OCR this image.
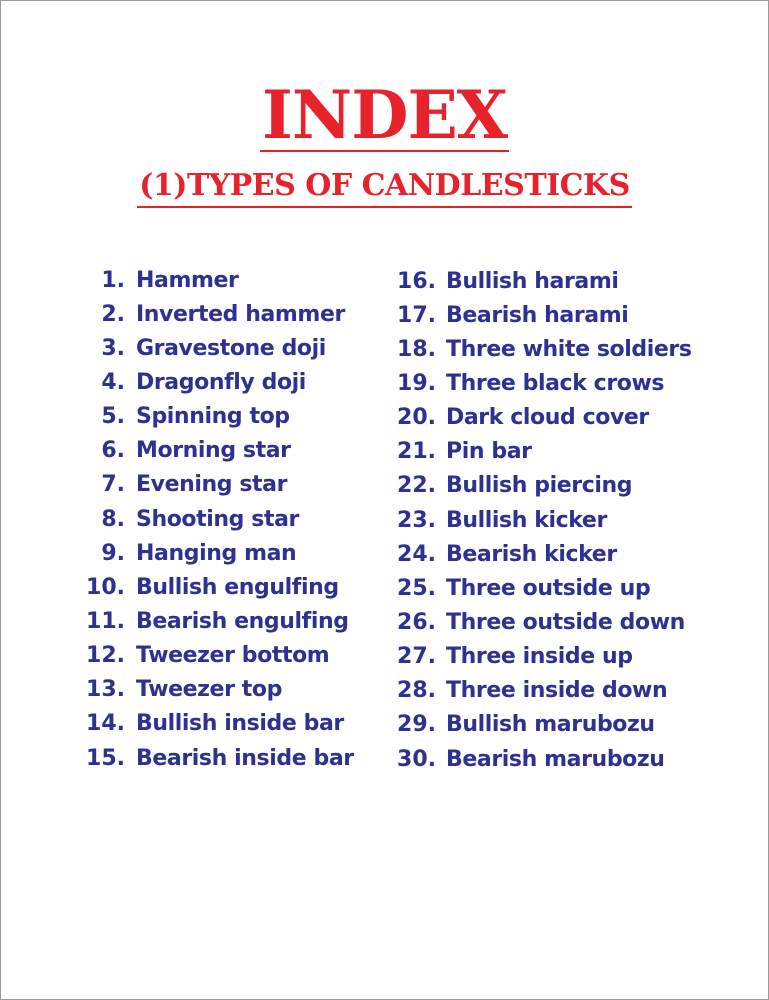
INDEX
(1)TYPES OF CANDLESTICKS
1. Hammer
2. Inverted hammer
3. Gravestone doji
4. Dragonfly doji
5. Spinning top
6. Morning star
7. Evening star
8. Shooting star
9. Hanging man
10. Bullish engulfing
11. Bearish engulfing
12. Tweezer bottom
13. Tweezer top
14. Bullish inside bar
15. Bearish inside bar
16. Bullish harami
17. Bearish harami
18. Three white soldiers
19. Three black crows
20. Dark cloud cover
21. Pin bar
22. Bullish piercing
23. Bullish kicker
24. Bearish kicker
25. Three outside up
26. Three outside down
27. Three inside up
28. Three inside down
29. Bullish marubozu
30. Bearish marubozu
